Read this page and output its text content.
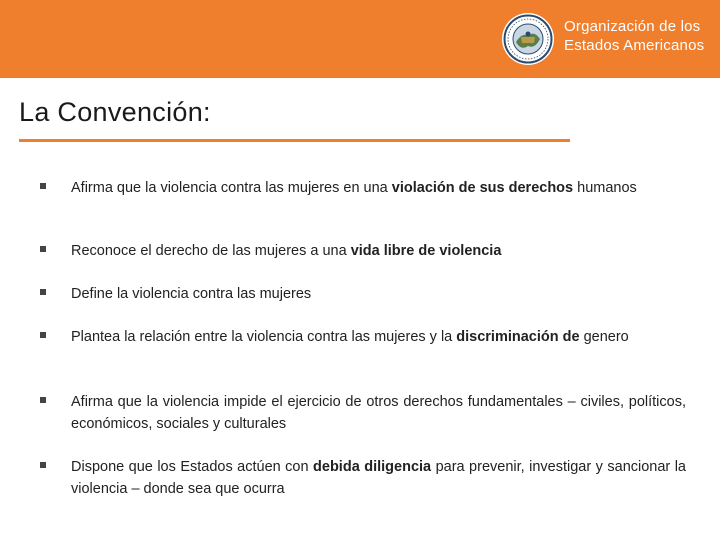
Organización de los
Estados Americanos
La Convención:
Afirma que la violencia contra las mujeres en una violación de sus derechos humanos
Reconoce el derecho de las mujeres a una vida libre de violencia
Define la violencia contra las mujeres
Plantea la relación entre la violencia contra las mujeres y la discriminación de genero
Afirma que la violencia impide el ejercicio de otros derechos fundamentales – civiles, políticos, económicos, sociales y culturales
Dispone que los Estados actúen con debida diligencia para prevenir, investigar y sancionar la violencia – donde sea que ocurra
